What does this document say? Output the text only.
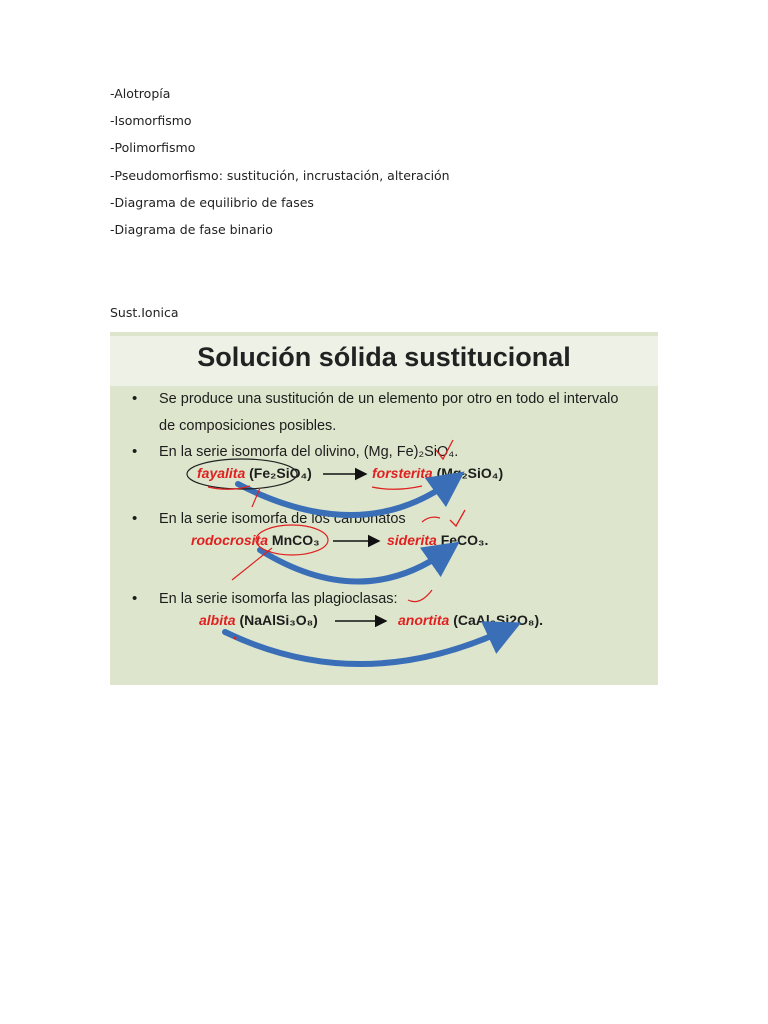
-Alotropía
-Isomorfismo
-Polimorfismo
-Pseudomorfismo: sustitución, incrustación, alteración
-Diagrama de equilibrio de fases
-Diagrama de fase binario
Sust.Ionica
Solución sólida sustitucional
• Se produce una sustitución de un elemento por otro en todo el intervalo
de composiciones posibles.
• En la serie isomorfa del olivino, (Mg, Fe)₂SiO₄.
fayalita (Fe₂SiO₄)	forsterita (Mg₂SiO₄)
• En la serie isomorfa de los carbonatos
rodocrosita MnCO₃	siderita FeCO₃.
• En la serie isomorfa las plagioclasas:
albita (NaAlSi₃O₈)	anortita (CaAl₂Si2O₈).
